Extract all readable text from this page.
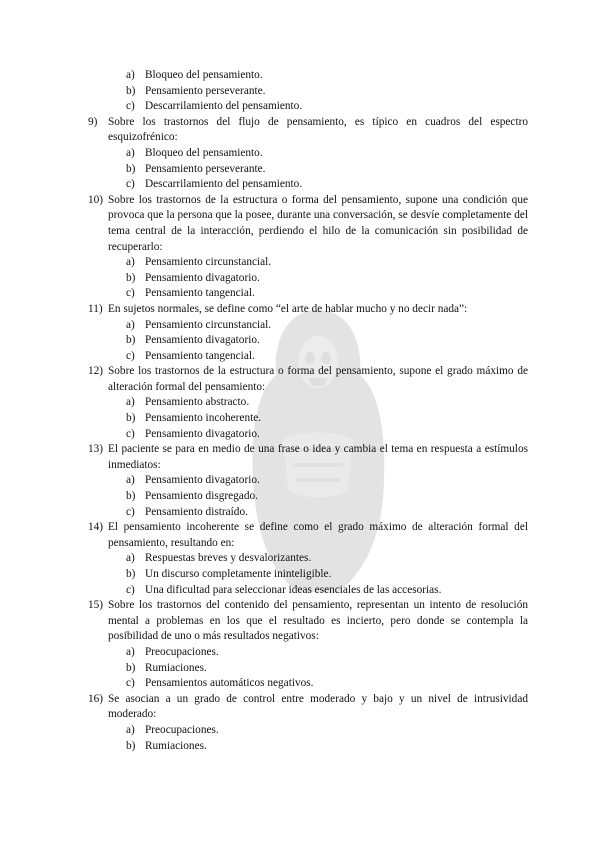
a) Bloqueo del pensamiento.
b) Pensamiento perseverante.
c) Descarrilamiento del pensamiento.
9) Sobre los trastornos del flujo de pensamiento, es típico en cuadros del espectro esquizofrénico:
a) Bloqueo del pensamiento.
b) Pensamiento perseverante.
c) Descarrilamiento del pensamiento.
10) Sobre los trastornos de la estructura o forma del pensamiento, supone una condición que provoca que la persona que la posee, durante una conversación, se desvíe completamente del tema central de la interacción, perdiendo el hilo de la comunicación sin posibilidad de recuperarlo:
a) Pensamiento circunstancial.
b) Pensamiento divagatorio.
c) Pensamiento tangencial.
11) En sujetos normales, se define como “el arte de hablar mucho y no decir nada”:
a) Pensamiento circunstancial.
b) Pensamiento divagatorio.
c) Pensamiento tangencial.
12) Sobre los trastornos de la estructura o forma del pensamiento, supone el grado máximo de alteración formal del pensamiento:
a) Pensamiento abstracto.
b) Pensamiento incoherente.
c) Pensamiento divagatorio.
13) El paciente se para en medio de una frase o idea y cambia el tema en respuesta a estímulos inmediatos:
a) Pensamiento divagatorio.
b) Pensamiento disgregado.
c) Pensamiento distraído.
14) El pensamiento incoherente se define como el grado máximo de alteración formal del pensamiento, resultando en:
a) Respuestas breves y desvalorizantes.
b) Un discurso completamente ininteligible.
c) Una dificultad para seleccionar ideas esenciales de las accesorias.
15) Sobre los trastornos del contenido del pensamiento, representan un intento de resolución mental a problemas en los que el resultado es incierto, pero donde se contempla la posibilidad de uno o más resultados negativos:
a) Preocupaciones.
b) Rumiaciones.
c) Pensamientos automáticos negativos.
16) Se asocian a un grado de control entre moderado y bajo y un nivel de intrusividad moderado:
a) Preocupaciones.
b) Rumiaciones.
